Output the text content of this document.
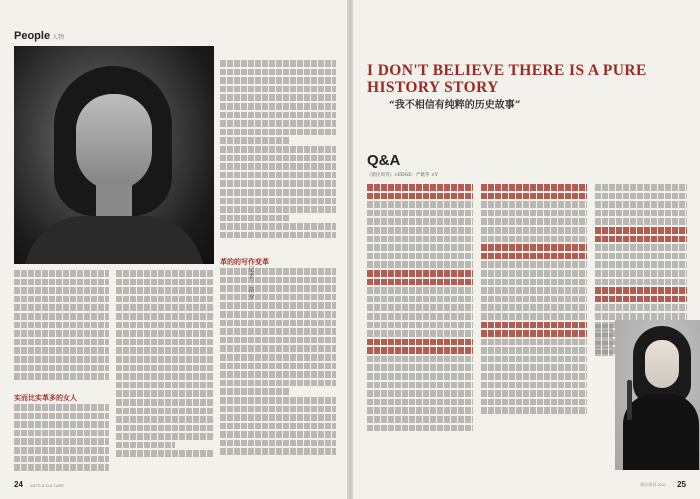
People 人物
革的的写作变革
记者：苗夕
实而比实革多的女人
24 ARTS & CULTURE
I DON'T BELIEVE THERE IS A PURE HISTORY STORY
“我不相信有纯粹的历史故事”
Q&A
《新民周刊》×EDGE：严歌苓 ×Y
25
新民周刊 2011
